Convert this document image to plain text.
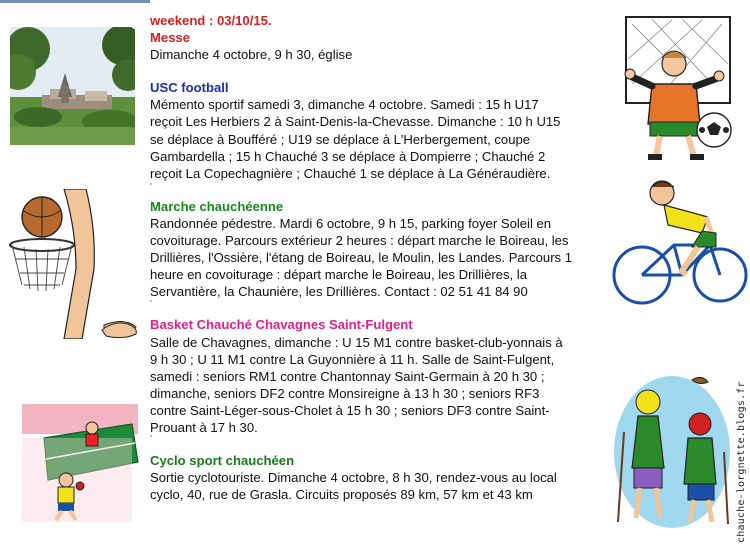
weekend : 03/10/15.
Messe
Dimanche 4 octobre, 9 h 30, église
USC football
Mémento sportif samedi 3, dimanche 4 octobre. Samedi : 15 h U17
reçoit Les Herbiers 2 à Saint-Denis-la-Chevasse. Dimanche : 10 h U15
se déplace à Boufféré ; U19 se déplace à L'Herbergement, coupe
Gambardella ; 15 h Chauché 3 se déplace à Dompierre ; Chauché 2
reçoit La Copechagnière ; Chauché 1 se déplace à La Généraudière.
Marche chauchéenne
Randonnée pédestre. Mardi 6 octobre, 9 h 15, parking foyer Soleil en
covoiturage. Parcours extérieur 2 heures : départ marche le Boireau, les
Drillières, l'Ossière, l'étang de Boireau, le Moulin, les Landes. Parcours 1
heure en covoiturage : départ marche le Boireau, les Drillières, la
Servantière, la Chaunière, les Drillières. Contact : 02 51 41 84 90
Basket Chauché Chavagnes Saint-Fulgent
Salle de Chavagnes, dimanche : U 15 M1 contre basket-club-yonnais à
9 h 30 ; U 11 M1 contre La Guyonnière à 11 h. Salle de Saint-Fulgent,
samedi : seniors RM1 contre Chantonnay Saint-Germain à 20 h 30 ;
dimanche, seniors DF2 contre Monsireigne à 13 h 30 ; seniors RF3
contre Saint-Léger-sous-Cholet à 15 h 30 ; seniors DF3 contre Saint-
Prouant à 17 h 30.
Cyclo sport chauchéen
Sortie cyclotouriste. Dimanche 4 octobre, 8 h 30, rendez-vous au local
cyclo, 40, rue de Grasla. Circuits proposés 89 km, 57 km et 43 km	chauche-lorgnette.blogs.fr
